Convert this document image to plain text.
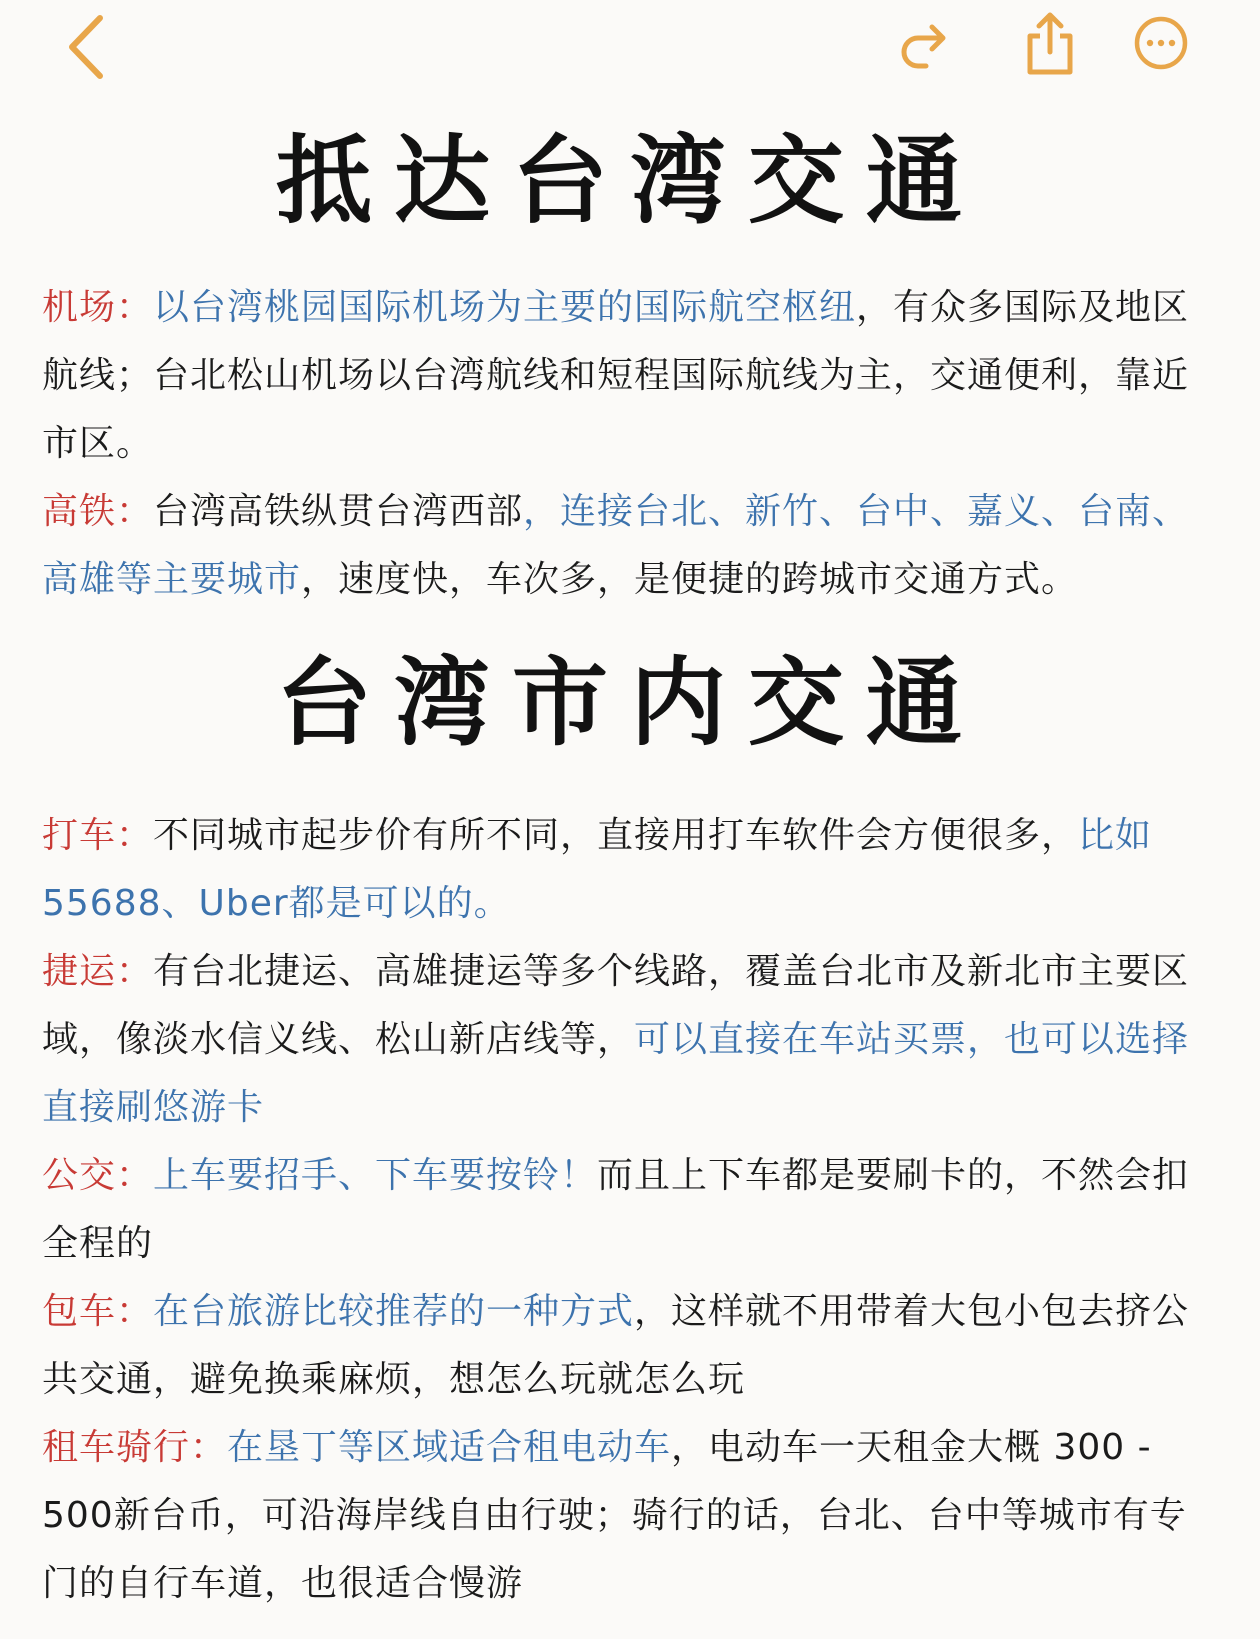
抵达台湾交通

机场：以台湾桃园国际机场为主要的国际航空枢纽，有众多国际及地区航线；台北松山机场以台湾航线和短程国际航线为主，交通便利，靠近市区。

高铁：台湾高铁纵贯台湾西部，连接台北、新竹、台中、嘉义、台南、高雄等主要城市，速度快，车次多，是便捷的跨城市交通方式。

台湾市内交通

打车：不同城市起步价有所不同，直接用打车软件会方便很多，比如55688、Uber都是可以的。

捷运：有台北捷运、高雄捷运等多个线路，覆盖台北市及新北市主要区域，像淡水信义线、松山新店线等，可以直接在车站买票，也可以选择直接刷悠游卡

公交：上车要招手、下车要按铃！而且上下车都是要刷卡的，不然会扣全程的

包车：在台旅游比较推荐的一种方式，这样就不用带着大包小包去挤公共交通，避免换乘麻烦，想怎么玩就怎么玩

租车骑行：在垦丁等区域适合租电动车，电动车一天租金大概 300 - 500新台币，可沿海岸线自由行驶；骑行的话，台北、台中等城市有专门的自行车道，也很适合慢游
